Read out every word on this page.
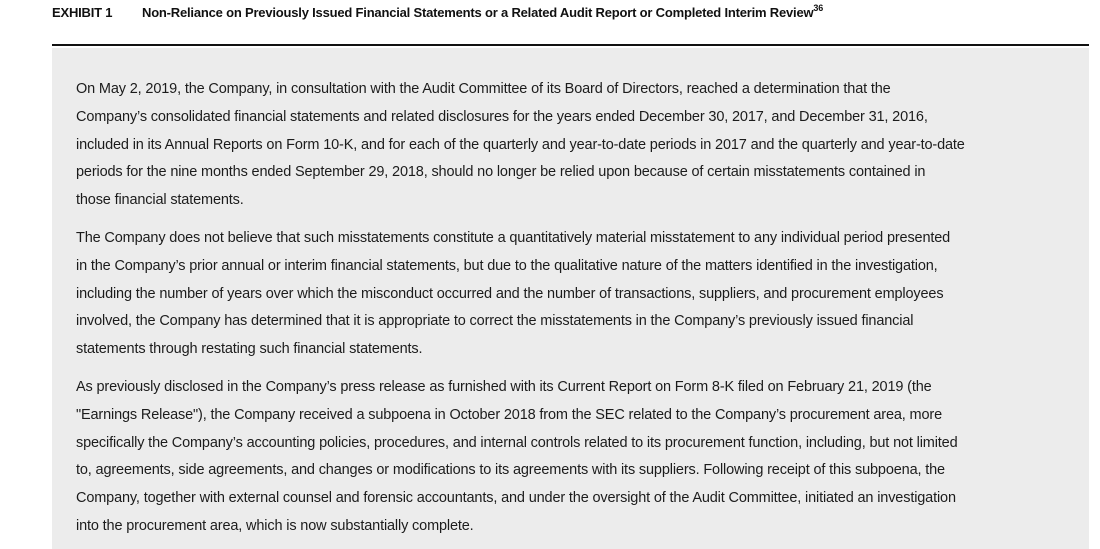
EXHIBIT 1 Non-Reliance on Previously Issued Financial Statements or a Related Audit Report or Completed Interim Review$^{36}$

On May 2, 2019, the Company, in consultation with the Audit Committee of its Board of Directors, reached a determination that the
Company’s consolidated financial statements and related disclosures for the years ended December 30, 2017, and December 31, 2016,
included in its Annual Reports on Form 10-K, and for each of the quarterly and year-to-date periods in 2017 and the quarterly and year-to-date
periods for the nine months ended September 29, 2018, should no longer be relied upon because of certain misstatements contained in
those financial statements.

The Company does not believe that such misstatements constitute a quantitatively material misstatement to any individual period presented
in the Company’s prior annual or interim financial statements, but due to the qualitative nature of the matters identified in the investigation,
including the number of years over which the misconduct occurred and the number of transactions, suppliers, and procurement employees
involved, the Company has determined that it is appropriate to correct the misstatements in the Company’s previously issued financial
statements through restating such financial statements.

As previously disclosed in the Company’s press release as furnished with its Current Report on Form 8-K filed on February 21, 2019 (the
"Earnings Release"), the Company received a subpoena in October 2018 from the SEC related to the Company’s procurement area, more
specifically the Company’s accounting policies, procedures, and internal controls related to its procurement function, including, but not limited
to, agreements, side agreements, and changes or modifications to its agreements with its suppliers. Following receipt of this subpoena, the
Company, together with external counsel and forensic accountants, and under the oversight of the Audit Committee, initiated an investigation
into the procurement area, which is now substantially complete.
